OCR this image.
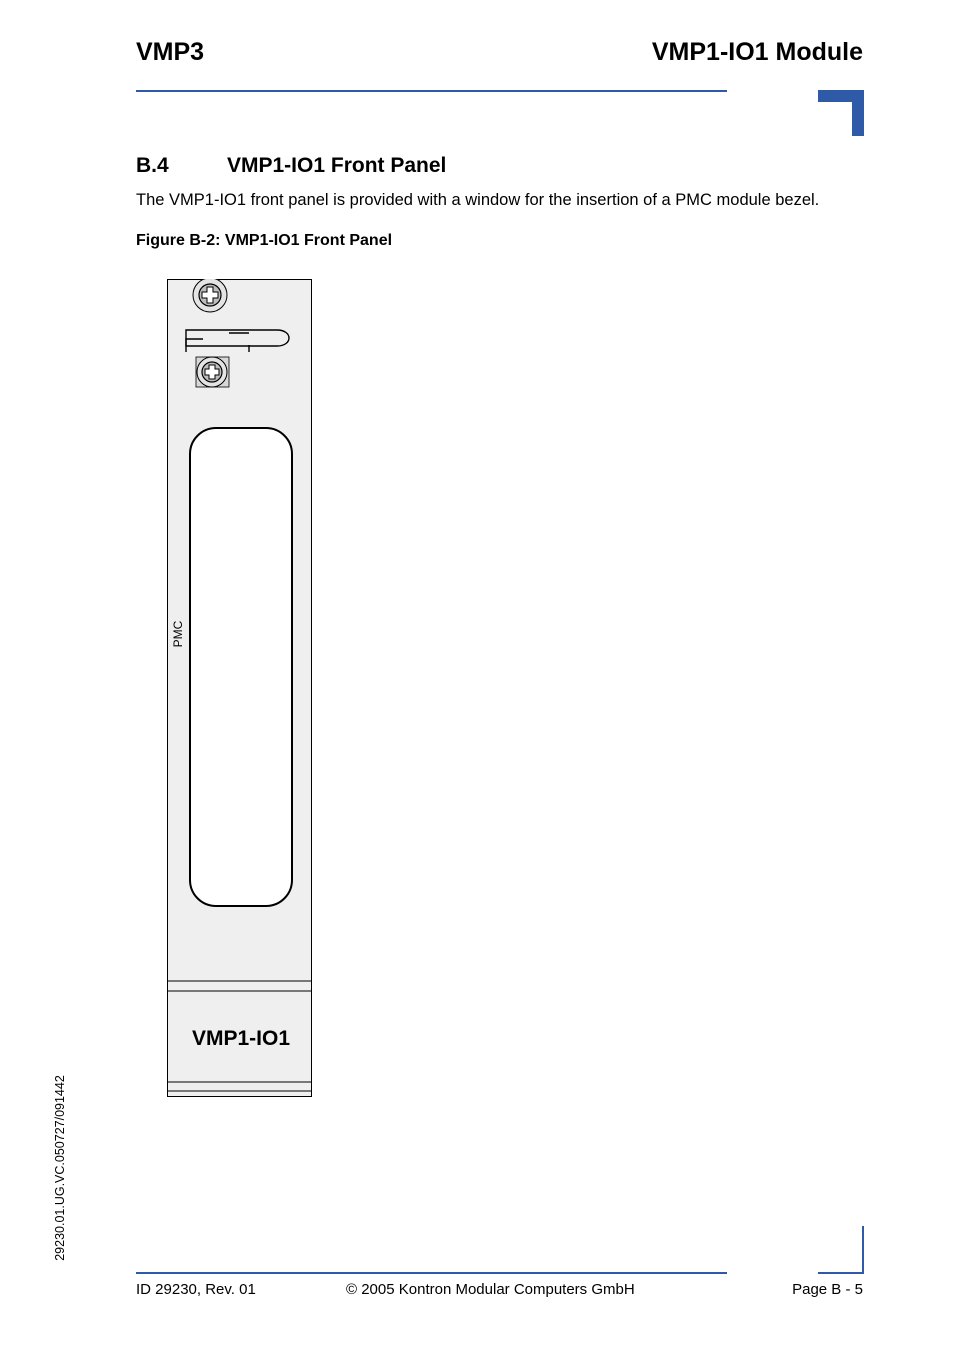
VMP3	VMP1-IO1 Module
B.4	VMP1-IO1 Front Panel
The VMP1-IO1 front panel is provided with a window for the insertion of a PMC module bezel.
Figure B-2: VMP1-IO1 Front Panel
PMC
VMP1-IO1
29230.01.UG.VC.050727/091442
ID 29230, Rev. 01	© 2005 Kontron Modular Computers GmbH	Page B - 5
